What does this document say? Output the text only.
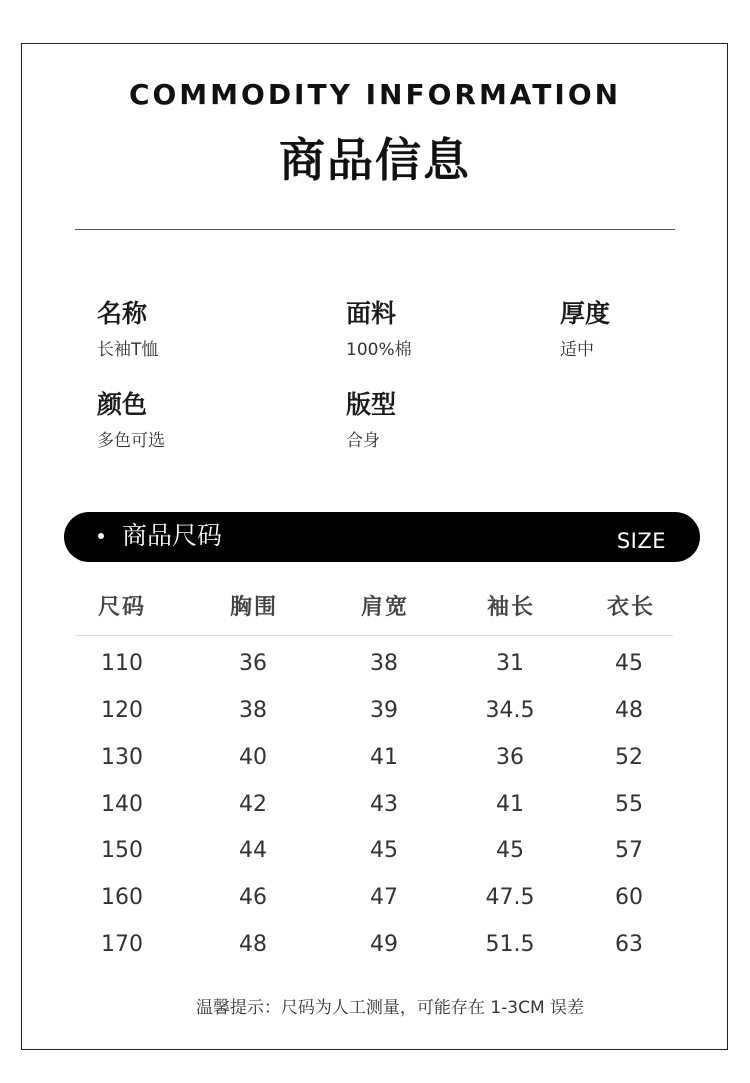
COMMODITY INFORMATION
商品信息
名称
长袖T恤
面料
100%棉
厚度
适中
颜色
多色可选
版型
合身
商品尺码	SIZE
尺码	胸围	肩宽	袖长	衣长
110	36	38	31	45
120	38	39	34.5	48
130	40	41	36	52
140	42	43	41	55
150	44	45	45	57
160	46	47	47.5	60
170	48	49	51.5	63
温馨提示：尺码为人工测量，可能存在 1-3CM 误差
